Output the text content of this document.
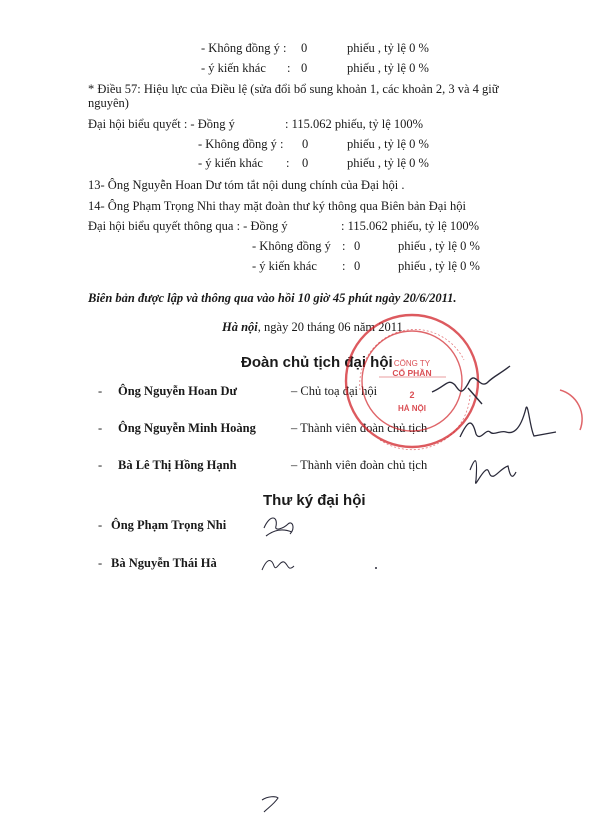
- Không đồng ý : 0	phiếu , tỷ lệ 0 %
- ý kiến khác : 0	phiếu , tỷ lệ 0 %
* Điều 57: Hiệu lực của Điều lệ (sửa đổi bổ sung khoản 1, các khoản 2, 3 và 4 giữ
nguyên)
Đại hội biểu quyết : - Đồng ý	: 115.062 phiếu, tỷ lệ 100%
- Không đồng ý : 0	phiếu , tỷ lệ 0 %
- ý kiến khác : 0	phiếu , tỷ lệ 0 %
13- Ông Nguyễn Hoan Dư tóm tắt nội dung chính của Đại hội .
14- Ông Phạm Trọng Nhi thay mặt đoàn thư ký thông qua Biên bản Đại hội
Đại hội biểu quyết thông qua : - Đồng ý	: 115.062 phiếu, tỷ lệ 100%
- Không đồng ý : 0	phiếu , tỷ lệ 0 %
- ý kiến khác : 0	phiếu , tỷ lệ 0 %
Biên bản được lập và thông qua vào hồi 10 giờ 45 phút ngày 20/6/2011.
Hà nội, ngày 20 tháng 06 năm 2011
Đoàn chủ tịch đại hội
- Ông Nguyễn Hoan Dư	– Chủ toạ đại hội
- Ông Nguyễn Minh Hoàng	– Thành viên đoàn chủ tịch
- Bà Lê Thị Hồng Hạnh	– Thành viên đoàn chủ tịch
Thư ký đại hội
- Ông Phạm Trọng Nhi
- Bà Nguyễn Thái Hà
CÔNG TY
CỔ PHẦN
2
HÀ NỘI
